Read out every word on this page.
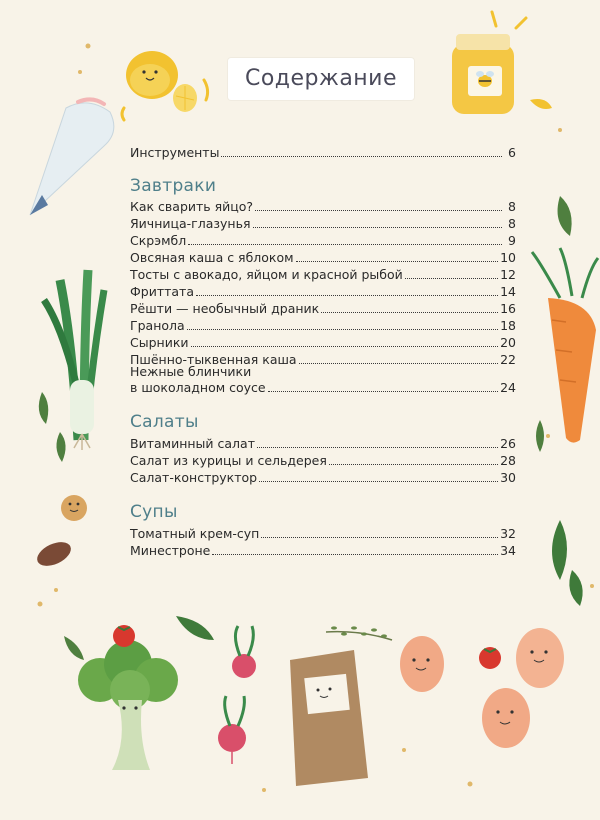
Содержание
Инструменты	6
Завтраки
Как сварить яйцо?	8
Яичница-глазунья	8
Скрэмбл	9
Овсяная каша с яблоком	10
Тосты с авокадо, яйцом и красной рыбой	12
Фриттата	14
Рёшти — необычный драник	16
Гранола	18
Сырники	20
Пшённо-тыквенная каша	22
Нежные блинчики
в шоколадном соусе	24
Салаты
Витаминный салат	26
Салат из курицы и сельдерея	28
Салат-конструктор	30
Супы
Томатный крем-суп	32
Минестроне	34
